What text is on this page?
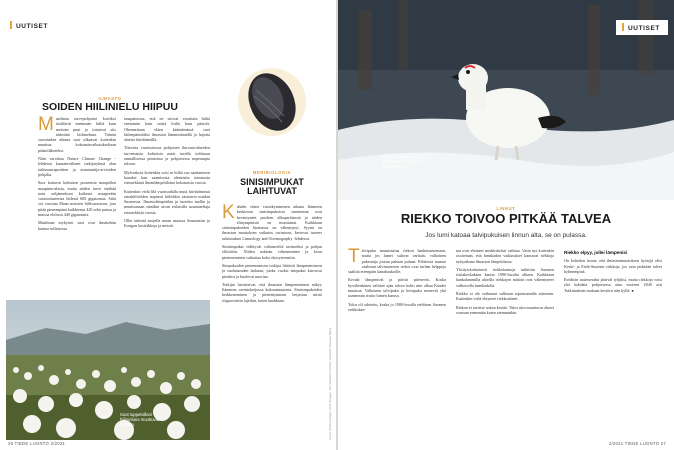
UUTISET
ILMASTO
SOIDEN HIILINIELU HIIPUU
M aailman turvepohjaiset kostikot sisältävät enemmän hiiltä kuin metsien puut ja toimivat siis tärkeänä hiilinieluna. Tämän vuosisadan aikana suot ulkaavat kuitenkin muuttua kokonaisvaikutukseltaan päästölähteeksi.

Näin varoittaa Nature Climate Change -lehdessä kansainvälinen tutkijaryhmä alan tutkimusraporttien ja asiantuntija-arvioiden pohjalta.

Suot kattavat kolmisen prosenttia maapallon maapinta-alasta, mutta niiden turve sisältää noin neljänneksen kaikesta maaperään varastoituneesta hiilestä 600 gigatonnia. Siitä voi vuosina Maan metsien hiilivarastoon, jota pitää pienempänä kaikkiensa 420 sekä puissa ja muissa eliöissä 440 gigatonnia.

Maailman mykyiset suot ovat ilmakehän kanssa sellaisessa

tasapainossa, että ne sitovat vuositain hiiltä enemmän kuin niistä hiiltä kuin päästöt. Ohennettaan eläen kääntämässä suot hiilenpäästöiksi ilmaston lämmittämällä ja hajotta alueita hävittämällä.

Tilavista vuosisatossa pohjoisen ikirouta-alueiden turvemaista kohtoisia maat tavalla todistaan rannallisessa pinnoissa ja pohjoisessa nopeampia tulosta.

Mylvaskota kuitenkin soisi se hiiltä suo saattamisen kauaksi kun saamisesta aleneisiin toteutusta esimerkkinä ilmanlämpötiloina kokonaisia vuosia.

Kuitenkin vielä lilä vuosisadalla muut hävittämässä omahiilitöiden nopeasti hiilitäkin vastaavia mutkin Suomessa. Ilmastolämpötilan ja tuotettu mallin ja muuttumaan siinäkin aivan erilaisilla suunniteltuja esimerkkejä vuosia.

Ollut tärkeää suojella muun muassa Amazonian ja Kongon kosteikkoja ja metsiä.

Suot tuppeloillani hiilinieluna muuttuvat hieman.
MERIBIOLOGIA
SINISIMPUKAT
LAIHTUVAT
K ahden viime vuosikymmenen aikana Itämeren keskiosan sinisimpukoista suurimmat ovat keventyneet puoleen alkuperäisestä ja niiden elinympäristö on muuttunut. Kaikkiaan sinisimpukoiden biomassa on vähentynyt. Syynä on ilmaston muutoksen vaikutus ravintoon, kertovat tuoreet tutkimukset Limnology and Oceanography -lehdessä.

Sinisimpukat välittyvät valtameriltä ravinteiksi ja pohjan eliöstöön. Niiden määrän väheneminen ja koon pieneneminen vaikuttaa koko ekosysteemiin.

Simpukoiden pienenemisen tutkijat liittävät lämpenemiseen ja suolaisuuden laskuun, jonka vuoksi simpukat kasvavat pieniksi ja kuolevat nuorina.

Tutkijat havaitsivat, että ilmaston lämpeneminen näkyy Itämeren ravintoketjussa kokonaisuutena. Sinisimpukoiden heikkeneminen ja pienentyminen heijastuu niistä riippuvaisiin lajeihin, kuten haahkaan.

Kuvat: Arhipa Kulaga, Getty Images, Jani Wiipaksu; Cosmo Hofstede; Kasvien Bläsa
26 TIEDE LUONTO 2/2021
Riekkourokselle on yhtä monta pukua kuin on vuodenaikoja.
UUTISET
LINNUT
RIEKKO TOIVOO PITKÄÄ TALVEA
Jos lumi katoaa talvipukuisen linnun alta, se on pulassa.
T alvipuku maastouttaa riekon hankimaisemaan, mutta jos lumet sulavat varhain, valkoinen pukeutuja joutuu pahaan pulaan. Pelätessä maasta vaaleaan talvisuomeen riekot ovat turhan helppoja saaliita eteenpäin kanahaukoille.

Keväät lämpenivät ja päivät pitenevät, Koska hyvähenkinen valitsee ajan talvea kohti niin alkaa Kaudet muuttua. Valkoinen talvipuku ja kesäpuku menevät yhä useammin ristiin lumen kanssa.

Tulos oli odotettu, koska jo 1900-luvulla eteläisen Suomen riekkokan-

nat ovat ehtineet merkittävästi vaihtua. Vasta nyt kuitenkin osoitetaan, että lumikadon vaikutukset kausavat riekkoja nykyaikana ilmaston lämpötilassa.

Yksityiskohtaisesti riekkokantoja tutkittiin Suomen riistakeskuksen kautta 1990-luvulta alkaen. Kaikkiaan hankalammilla alueilla riekkojen määrät ovat vähentyneet valkoisella lumikadolla.

Riekko ei ole vaihtanut sulkiaan sopeutumalla aiemmin. Kuitenkin vielä ehtyneet riekkoalueet.

Riekon ei tarvitse uskoa kestää. Tulos niin muuttuvat alueet vaaraan enemmän kuten aiemminkin.

Riekko elpyy, jollei lämpenisi

On kohtalon ironia, että ilmastonmuutoksen hyötyjä olisi Keski- ja Etelä-Suomen riekkoja, jos vain pidetään talvet kylmempinä.

Eteläisin asuinseudut jäisivät tyhjiksi, mutta riekkoja voisi yhä kohdata pohjoisessa aina vuoteen 2040 asti Tutkimuksen mukaan kestävä niin kyllä. ●

2/2021 TIEDE LUONTO 27
